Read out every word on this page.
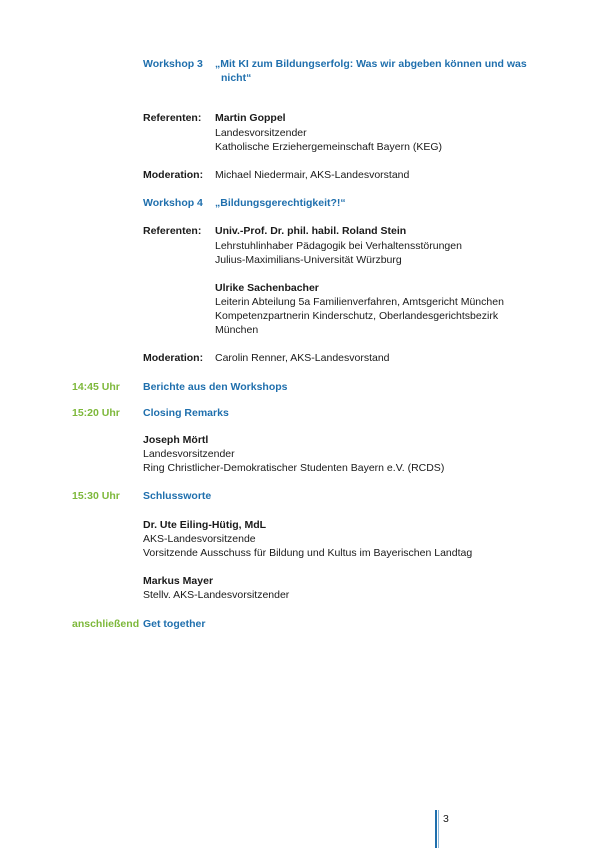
Workshop 3 „Mit KI zum Bildungserfolg: Was wir abgeben können und was
nicht“
Referenten: Martin Goppel
Landesvorsitzender
Katholische Erziehergemeinschaft Bayern (KEG)
Moderation: Michael Niedermair, AKS-Landesvorstand
Workshop 4 „Bildungsgerechtigkeit?!“
Referenten: Univ.-Prof. Dr. phil. habil. Roland Stein
Lehrstuhlinhaber Pädagogik bei Verhaltensstörungen
Julius-Maximilians-Universität Würzburg
Ulrike Sachenbacher
Leiterin Abteilung 5a Familienverfahren, Amtsgericht München
Kompetenzpartnerin Kinderschutz, Oberlandesgerichtsbezirk
München
Moderation: Carolin Renner, AKS-Landesvorstand
14:45 Uhr Berichte aus den Workshops
15:20 Uhr Closing Remarks
Joseph Mörtl
Landesvorsitzender
Ring Christlicher-Demokratischer Studenten Bayern e.V. (RCDS)
15:30 Uhr Schlussworte
Dr. Ute Eiling-Hütig, MdL
AKS-Landesvorsitzende
Vorsitzende Ausschuss für Bildung und Kultus im Bayerischen Landtag
Markus Mayer
Stellv. AKS-Landesvorsitzender
anschließend Get together
3
